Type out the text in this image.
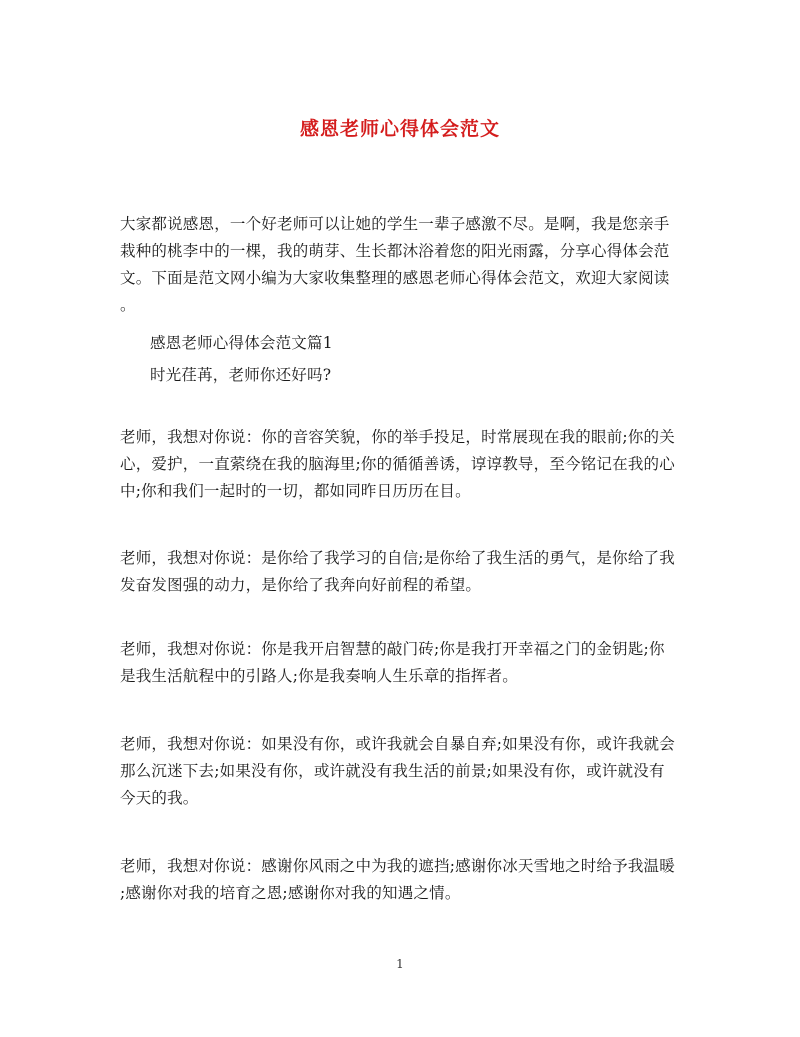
感恩老师心得体会范文
大家都说感恩，一个好老师可以让她的学生一辈子感激不尽。是啊，我是您亲手
栽种的桃李中的一棵，我的萌芽、生长都沐浴着您的阳光雨露，分享心得体会范
文。下面是范文网小编为大家收集整理的感恩老师心得体会范文，欢迎大家阅读
。
感恩老师心得体会范文篇1
时光荏苒，老师你还好吗?
老师，我想对你说：你的音容笑貌，你的举手投足，时常展现在我的眼前;你的关
心，爱护，一直萦绕在我的脑海里;你的循循善诱，谆谆教导，至今铭记在我的心
中;你和我们一起时的一切，都如同昨日历历在目。
老师，我想对你说：是你给了我学习的自信;是你给了我生活的勇气，是你给了我
发奋发图强的动力，是你给了我奔向好前程的希望。
老师，我想对你说：你是我开启智慧的敲门砖;你是我打开幸福之门的金钥匙;你
是我生活航程中的引路人;你是我奏响人生乐章的指挥者。
老师，我想对你说：如果没有你，或许我就会自暴自弃;如果没有你，或许我就会
那么沉迷下去;如果没有你，或许就没有我生活的前景;如果没有你，或许就没有
今天的我。
老师，我想对你说：感谢你风雨之中为我的遮挡;感谢你冰天雪地之时给予我温暖
;感谢你对我的培育之恩;感谢你对我的知遇之情。
1
